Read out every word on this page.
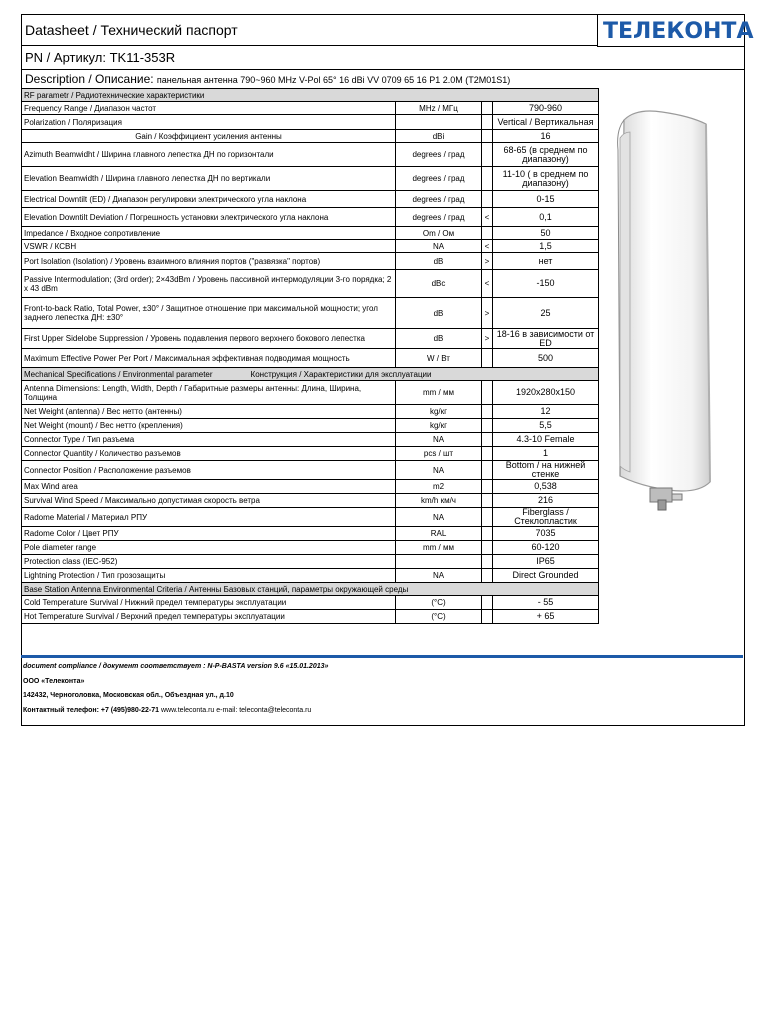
Datasheet / Технический паспорт
PN / Артикул: TK11-353R
Description / Описание: панельная антенна 790~960 MHz V-Pol 65° 16 dBi VV 0709 65 16 P1 2.0M (T2M01S1)
ТЕЛЕКОНТА
RF parametr / Радиотехнические характеристики			
Frequency Range / Диапазон частот	MHz / МГц		790-960
Polarization / Поляризация			Vertical / Вертикальная
Gain / Коэффициент усиления антенны	dBi		16
Azimuth Beamwidht / Ширина главного лепестка ДН по горизонтали	degrees / град		68-65 (в среднем по диапазону)
Elevation Beamwidth / Ширина главного лепестка ДН по вертикали	degrees / град		11-10 ( в среднем по диапазону)
Electrical Downtilt (ED) / Диапазон регулировки электрического угла наклона	degrees / град		0-15
Elevation Downtilt Deviation / Погрешность установки электрического угла наклона	degrees / град	<	0,1
Impedance / Входное сопротивление	Om / Ом		50
VSWR / КСВН	NA	<	1,5
Port Isolation (Isolation) / Уровень взаимного влияния портов ("развязка" портов)	dB	>	нет
Passive Intermodulation; (3rd order); 2×43dBm / Уровень пассивной интермодуляции 3-го порядка; 2 x 43 dBm	dBc	<	-150
Front-to-back Ratio, Total Power, ±30° / Защитное отношение при максимальной мощности; угол заднего лепестка ДН: ±30°	dB	>	25
First Upper Sidelobe Suppression / Уровень подавления первого верхнего бокового лепестка	dB	>	18-16 в зависимости от ED
Maximum Effective Power Per Port / Максимальная эффективная подводимая мощность	W / Вт		500
Mechanical Specifications / Environmental parameter Конструкция / Характеристики для эксплуатации			
Antenna Dimensions: Length, Width, Depth / Габаритные размеры антенны: Длина, Ширина, Толщина	mm / мм		1920x280x150
Net Weight (antenna) / Вес нетто (антенны)	kg/кг		12
Net Weight (mount) / Вес нетто (крепления)	kg/кг		5,5
Connector Type / Тип разъема	NA		4.3-10 Female
Connector Quantity / Количество разъемов	pcs / шт		1
Connector Position / Расположение разъемов	NA		Bottom / на нижней стенке
Max Wind area	m2		0,538
Survival Wind Speed / Максимально допустимая скорость ветра	km/h км/ч		216
Radome Material / Материал РПУ	NA		Fiberglass / Стеклопластик
Radome Color / Цвет РПУ	RAL		7035
Pole diameter range	mm / мм		60-120
Protection class (IEC-952)			IP65
Lightning Protection / Тип грозозащиты	NA		Direct Grounded
Base Station Antenna Environmental Criteria / Антенны Базовых станций, параметры окружающей среды			
Cold Temperature Survival / Нижний предел температуры эксплуатации	(°C)		- 55
Hot Temperature Survival / Верхний предел температуры эксплуатации	(°C)		+ 65
document compliance / документ соответствует : N-P-BASTA version 9.6 «15.01.2013»
ООО «Телеконта»
142432, Черноголовка, Московская обл., Объездная ул., д.10
Контактный телефон: +7 (495)980-22-71 www.teleconta.ru e-mail: teleconta@teleconta.ru
